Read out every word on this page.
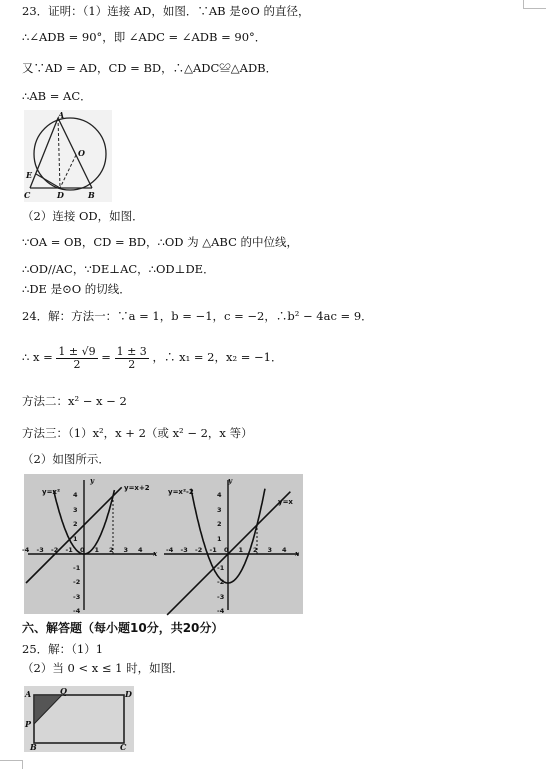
23．证明：（1）连接 AD，如图．∵AB 是⊙O 的直径，
∴∠ADB = 90°，即 ∠ADC = ∠ADB = 90°．
又∵AD = AD，CD = BD，∴△ADC≌△ADB．
∴AB = AC．
A
O
E
C	D	B
（2）连接 OD，如图．
∵OA = OB，CD = BD，∴OD 为 △ABC 的中位线，
∴OD//AC，∵DE⊥AC，∴OD⊥DE．
∴DE 是⊙O 的切线．
24．解：方法一：∵a = 1，b = −1，c = −2，∴b² − 4ac = 9．
∴ $x = \frac{1 \pm √9}{2} = \frac{1 \pm 3}{2}$ ，∴ x₁ = 2，x₂ = −1．
方法二：x² − x − 2
方法三：（1）x²，x + 2（或 x² − 2，x 等）
（2）如图所示．
y=x²	y=x+2
y
x
-4 -3 -2 -1 0 1 2 3 4
4
3
2
1
-1
-2
-3
-4
y=x²-2
y=x
y
x
-4 -3 -2 -1 0 1 2 3 4
4
3
2
1
-1
-2
-3
-4
六、解答题（每小题10分，共20分）
25．解：（1）1
（2）当 0 < x ≤ 1 时，如图．
A	Q	D
P
B	C
